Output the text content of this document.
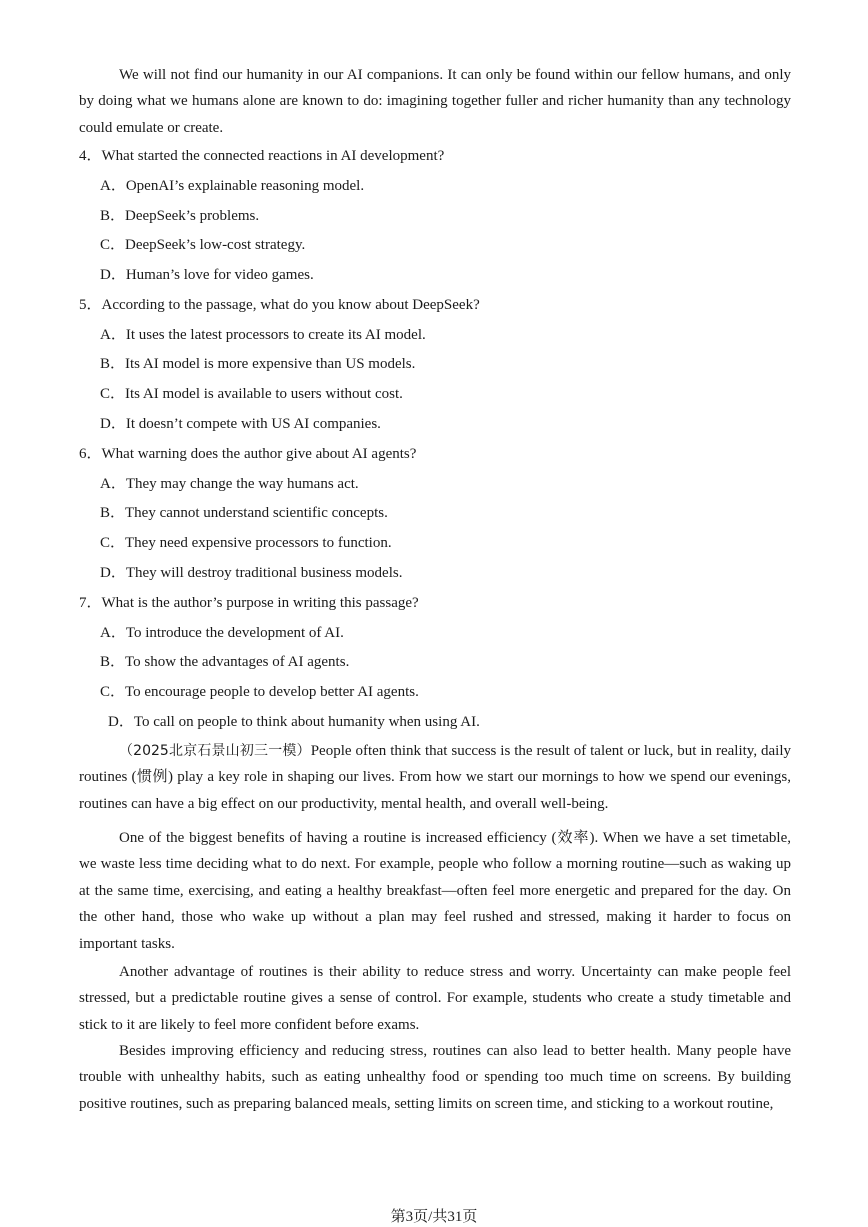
We will not find our humanity in our AI companions. It can only be found within our fellow humans, and only by doing what we humans alone are known to do: imagining together fuller and richer humanity than any technology could emulate or create.

4．What started the connected reactions in AI development?
A．OpenAI’s explainable reasoning model.
B．DeepSeek’s problems.
C．DeepSeek’s low-cost strategy.
D．Human’s love for video games.
5．According to the passage, what do you know about DeepSeek?
A．It uses the latest processors to create its AI model.
B．Its AI model is more expensive than US models.
C．Its AI model is available to users without cost.
D．It doesn’t compete with US AI companies.
6．What warning does the author give about AI agents?
A．They may change the way humans act.
B．They cannot understand scientific concepts.
C．They need expensive processors to function.
D．They will destroy traditional business models.
7．What is the author’s purpose in writing this passage?
A．To introduce the development of AI.
B．To show the advantages of AI agents.
C．To encourage people to develop better AI agents.
D．To call on people to think about humanity when using AI.

（2025北京石景山初三一模）People often think that success is the result of talent or luck, but in reality, daily routines (惯例) play a key role in shaping our lives. From how we start our mornings to how we spend our evenings, routines can have a big effect on our productivity, mental health, and overall well-being.

One of the biggest benefits of having a routine is increased efficiency (效率). When we have a set timetable, we waste less time deciding what to do next. For example, people who follow a morning routine—such as waking up at the same time, exercising, and eating a healthy breakfast—often feel more energetic and prepared for the day. On the other hand, those who wake up without a plan may feel rushed and stressed, making it harder to focus on important tasks.

Another advantage of routines is their ability to reduce stress and worry. Uncertainty can make people feel stressed, but a predictable routine gives a sense of control. For example, students who create a study timetable and stick to it are likely to feel more confident before exams.

Besides improving efficiency and reducing stress, routines can also lead to better health. Many people have trouble with unhealthy habits, such as eating unhealthy food or spending too much time on screens. By building positive routines, such as preparing balanced meals, setting limits on screen time, and sticking to a workout routine,

第3页/共31页
